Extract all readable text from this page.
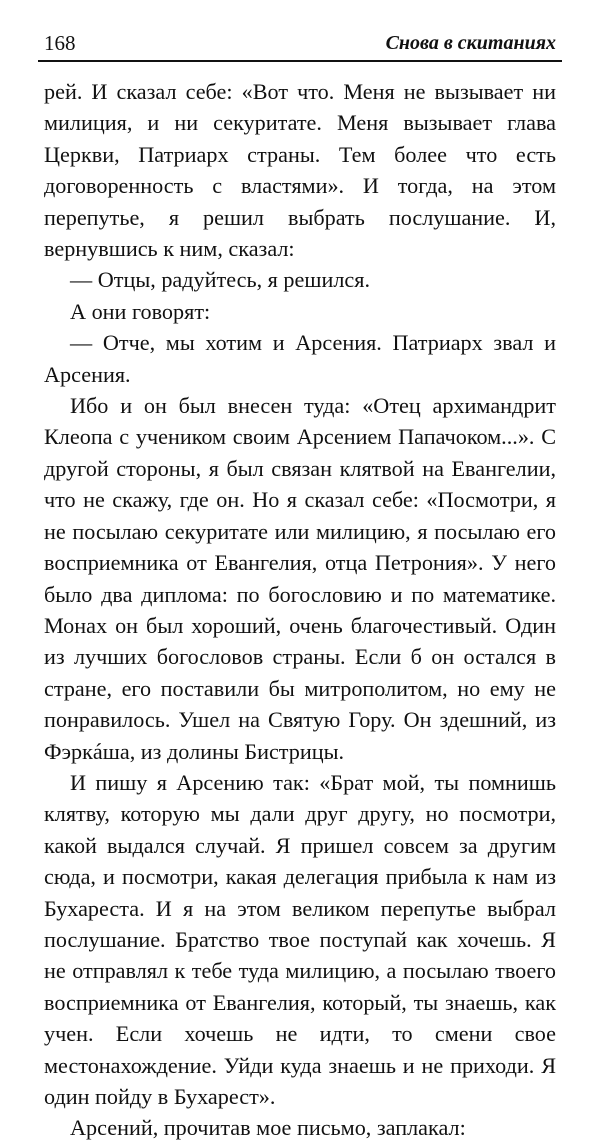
168	Снова в скитаниях

рей. И сказал себе: «Вот что. Меня не вызывает ни милиция, и ни секуритате. Меня вызывает глава Церкви, Патриарх страны. Тем более что есть договоренность с властями». И тогда, на этом перепутье, я решил выбрать послушание. И, вернувшись к ним, сказал:

— Отцы, радуйтесь, я решился.

А они говорят:

— Отче, мы хотим и Арсения. Патриарх звал и Арсения.

Ибо и он был внесен туда: «Отец архимандрит Клеопа с учеником своим Арсением Папачоком...». С другой стороны, я был связан клятвой на Евангелии, что не скажу, где он. Но я сказал себе: «Посмотри, я не посылаю секуритате или милицию, я посылаю его восприемника от Евангелия, отца Петрония». У него было два диплома: по богословию и по математике. Монах он был хороший, очень благочестивый. Один из лучших богословов страны. Если б он остался в стране, его поставили бы митрополитом, но ему не понравилось. Ушел на Святую Гору. Он здешний, из Фэркáша, из долины Бистрицы.

И пишу я Арсению так: «Брат мой, ты помнишь клятву, которую мы дали друг другу, но посмотри, какой выдался случай. Я пришел совсем за другим сюда, и посмотри, какая делегация прибыла к нам из Бухареста. И я на этом великом перепутье выбрал послушание. Братство твое поступай как хочешь. Я не отправлял к тебе туда милицию, а посылаю твоего восприемника от Евангелия, который, ты знаешь, как учен. Если хочешь не идти, то смени свое местонахождение. Уйди куда знаешь и не приходи. Я один пойду в Бухарест».

Арсений, прочитав мое письмо, заплакал:
